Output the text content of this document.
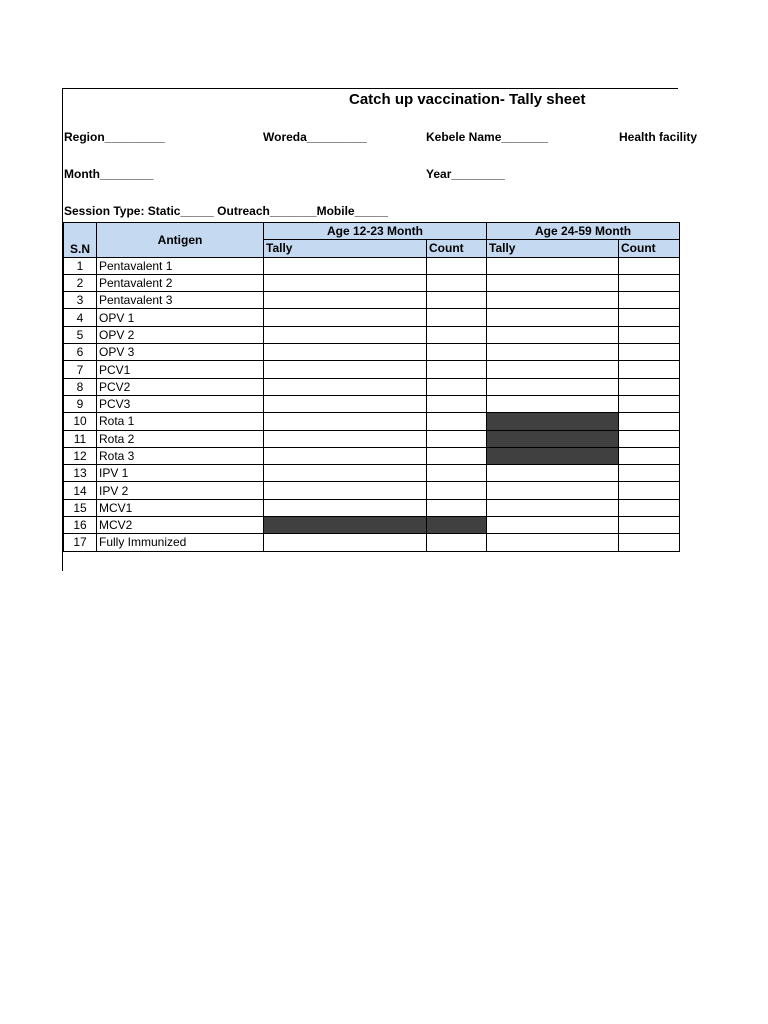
Catch up vaccination- Tally sheet
Region_________	Woreda_________	Kebele Name_______	Health facility
Month________	Year________
Session Type: Static_____ Outreach_______Mobile_____
S.N	Antigen	Age 12-23 Month		Age 24-59 Month	
		Tally	Count	Tally	Count
1	Pentavalent 1				
2	Pentavalent 2				
3	Pentavalent 3				
4	OPV 1				
5	OPV 2				
6	OPV 3				
7	PCV1				
8	PCV2				
9	PCV3				
10	Rota 1				
11	Rota 2				
12	Rota 3				
13	IPV 1				
14	IPV 2				
15	MCV1				
16	MCV2				
17	Fully Immunized				
